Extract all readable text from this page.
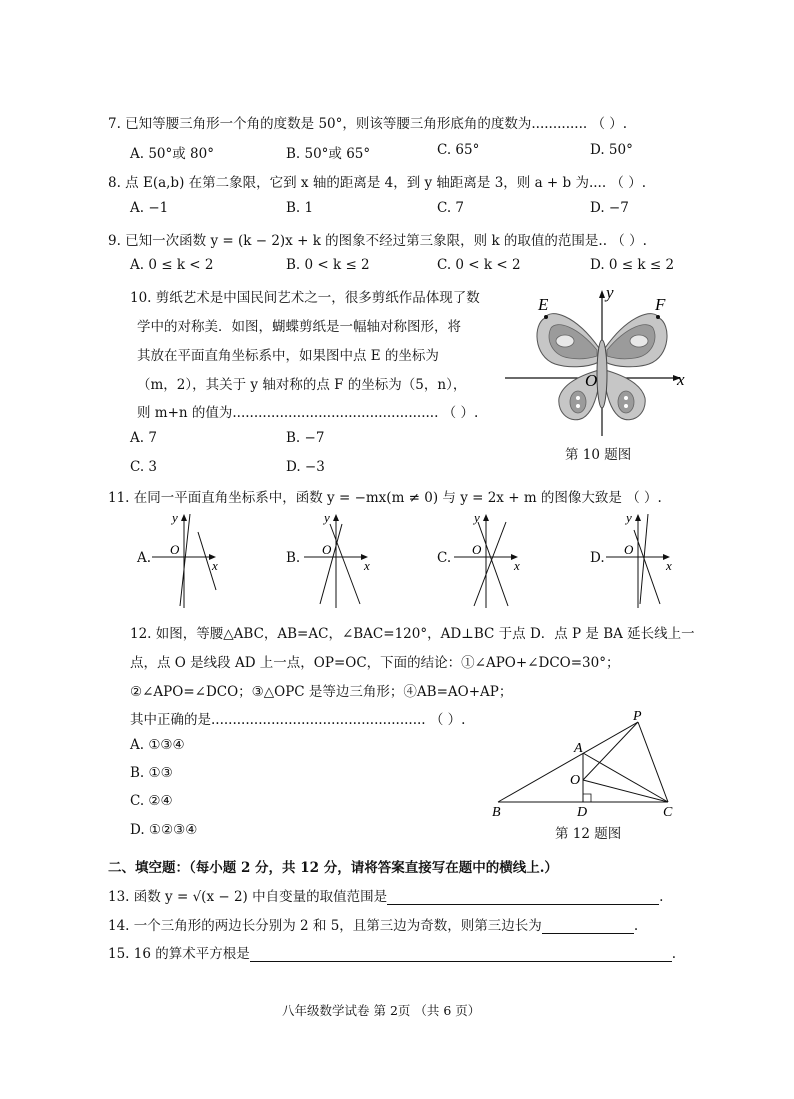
7. 已知等腰三角形一个角的度数是 50°，则该等腰三角形底角的度数为............. （ ）.
A. 50°或 80°	B. 50°或 65°	C. 65°	D. 50°
8. 点 E(a,b) 在第二象限，它到 x 轴的距离是 4，到 y 轴距离是 3，则 a + b 为.... （ ）.
A. −1	B. 1	C. 7	D. −7
9. 已知一次函数 y = (k − 2)x + k 的图象不经过第三象限，则 k 的取值的范围是.. （ ）.
A. 0 ≤ k < 2	B. 0 < k ≤ 2	C. 0 < k < 2	D. 0 ≤ k ≤ 2
10. 剪纸艺术是中国民间艺术之一，很多剪纸作品体现了数
学中的对称美．如图，蝴蝶剪纸是一幅轴对称图形，将
其放在平面直角坐标系中，如果图中点 E 的坐标为
（m，2），其关于 y 轴对称的点 F 的坐标为（5，n），
则 m+n 的值为................................................ （ ）.
A. 7	B. −7
C. 3	D. −3
E	F
y
x
O
第 10 题图
11. 在同一平面直角坐标系中，函数 y = −mx(m ≠ 0) 与 y = 2x + m 的图像大致是 （ ）.
A.
y
O
x	B.
y
O
x	C.
y
O
x	D.
y
O
x
12. 如图，等腰△ABC，AB=AC，∠BAC=120°，AD⊥BC 于点 D．点 P 是 BA 延长线上一
点，点 O 是线段 AD 上一点，OP=OC，下面的结论：①∠APO+∠DCO=30°；
②∠APO=∠DCO；③△OPC 是等边三角形；④AB=AO+AP；
其中正确的是.................................................. （ ）.
A. ①③④
B. ①③
C. ②④
D. ①②③④
P
A
O
B	D	C
第 12 题图
二、填空题：（每小题 2 分，共 12 分，请将答案直接写在题中的横线上.）
13. 函数 y = √(x − 2) 中自变量的取值范围是	.
14. 一个三角形的两边长分别为 2 和 5，且第三边为奇数，则第三边长为	.
15. 16 的算术平方根是	.
八年级数学试卷 第 2页 （共 6 页）
